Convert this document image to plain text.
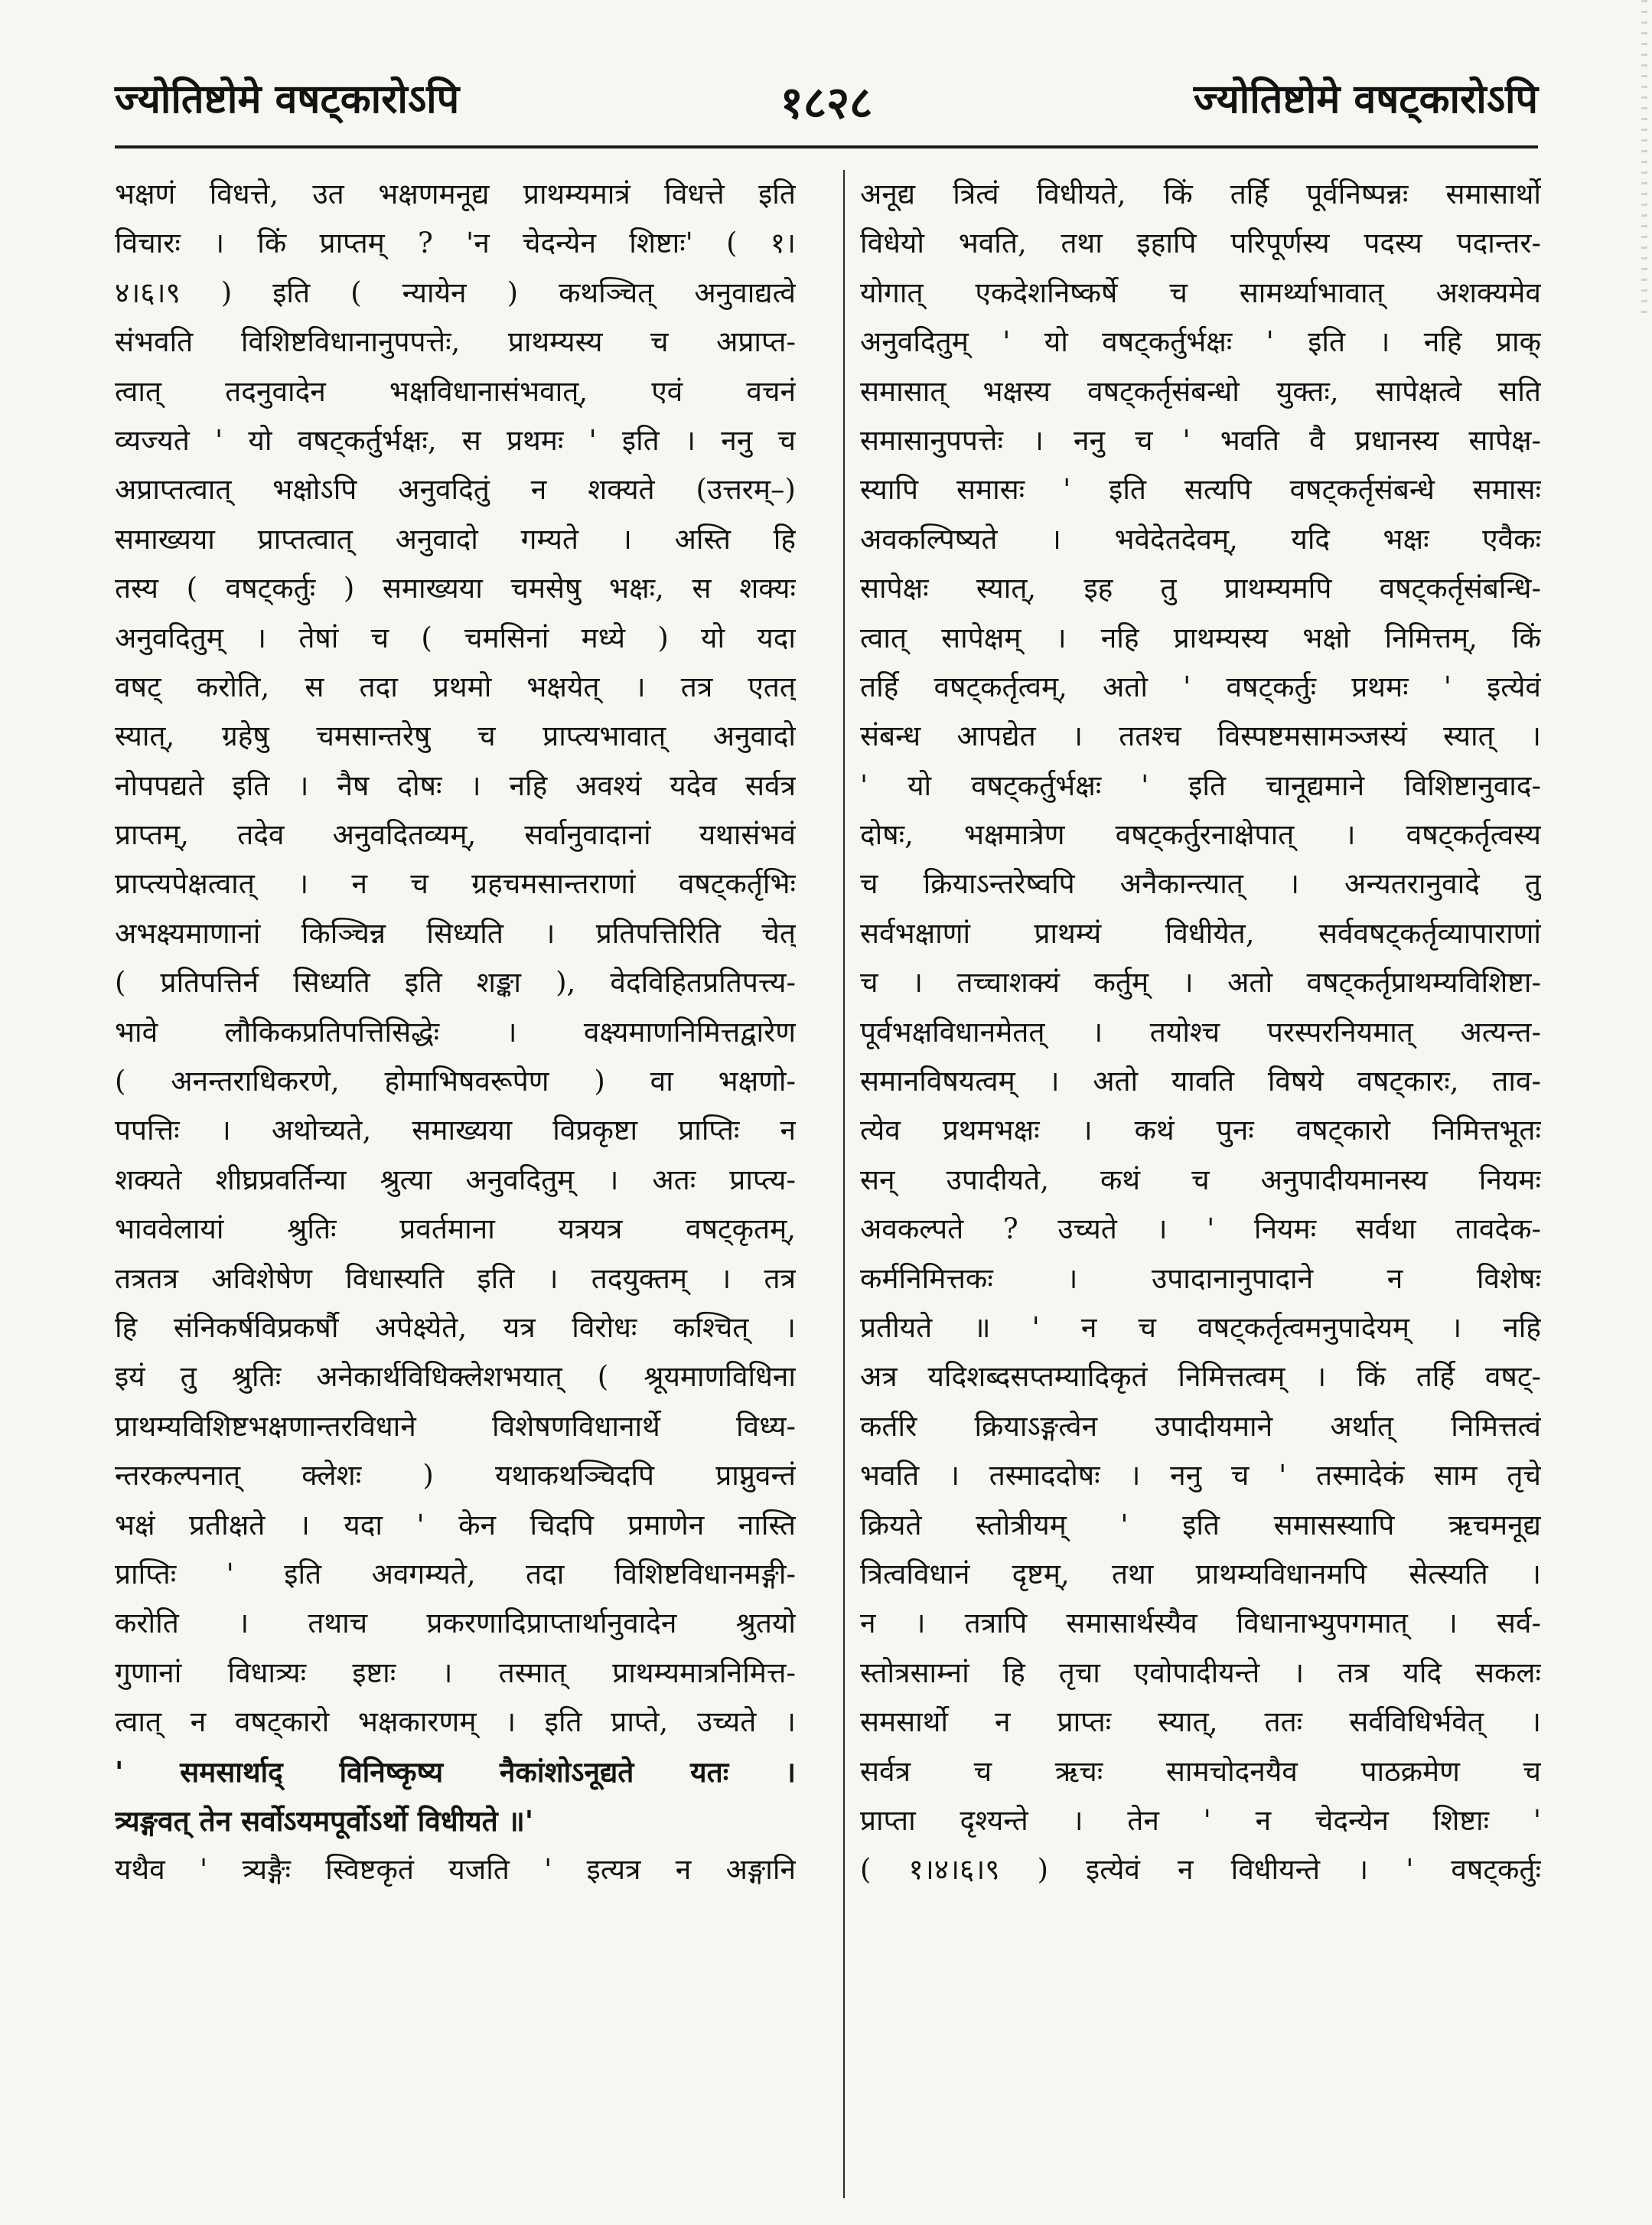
१८२८
ज्योतिष्टोमे वषट्कारोऽपि	ज्योतिष्टोमे वषट्कारोऽपि
भक्षणं विधत्ते, उत भक्षणमनूद्य प्राथम्यमात्रं विधत्ते इति
विचारः । किं प्राप्तम् ? 'न चेदन्येन शिष्टाः' ( १।
४।६।९ ) इति ( न्यायेन ) कथञ्चित् अनुवाद्यत्वे
संभवति विशिष्टविधानानुपपत्तेः, प्राथम्यस्य च अप्राप्त-
त्वात् तदनुवादेन भक्षविधानासंभवात्, एवं वचनं
व्यज्यते ' यो वषट्कर्तुर्भक्षः, स प्रथमः ' इति । ननु च
अप्राप्तत्वात् भक्षोऽपि अनुवदितुं न शक्यते (उत्तरम्–)
समाख्यया प्राप्तत्वात् अनुवादो गम्यते । अस्ति हि
तस्य ( वषट्कर्तुः ) समाख्यया चमसेषु भक्षः, स शक्यः
अनुवदितुम् । तेषां च ( चमसिनां मध्ये ) यो यदा
वषट् करोति, स तदा प्रथमो भक्षयेत् । तत्र एतत्
स्यात्, ग्रहेषु चमसान्तरेषु च प्राप्त्यभावात् अनुवादो
नोपपद्यते इति । नैष दोषः । नहि अवश्यं यदेव सर्वत्र
प्राप्तम्, तदेव अनुवदितव्यम्, सर्वानुवादानां यथासंभवं
प्राप्त्यपेक्षत्वात् । न च ग्रहचमसान्तराणां वषट्कर्तृभिः
अभक्ष्यमाणानां किञ्चिन्न सिध्यति । प्रतिपत्तिरिति चेत्
( प्रतिपत्तिर्न सिध्यति इति शङ्का ), वेदविहितप्रतिपत्त्य-
भावे लौकिकप्रतिपत्तिसिद्धेः । वक्ष्यमाणनिमित्तद्वारेण
( अनन्तराधिकरणे, होमाभिषवरूपेण ) वा भक्षणो-
पपत्तिः । अथोच्यते, समाख्यया विप्रकृष्टा प्राप्तिः न
शक्यते शीघ्रप्रवर्तिन्या श्रुत्या अनुवदितुम् । अतः प्राप्त्य-
भाववेलायां श्रुतिः प्रवर्तमाना यत्रयत्र वषट्कृतम्,
तत्रतत्र अविशेषेण विधास्यति इति । तदयुक्तम् । तत्र
हि संनिकर्षविप्रकर्षौ अपेक्ष्येते, यत्र विरोधः कश्चित् ।
इयं तु श्रुतिः अनेकार्थविधिक्लेशभयात् ( श्रूयमाणविधिना
प्राथम्यविशिष्टभक्षणान्तरविधाने विशेषणविधानार्थे विध्य-
न्तरकल्पनात् क्लेशः ) यथाकथञ्चिदपि प्राप्नुवन्तं
भक्षं प्रतीक्षते । यदा ' केन चिदपि प्रमाणेन नास्ति
प्राप्तिः ' इति अवगम्यते, तदा विशिष्टविधानमङ्गी-
करोति । तथाच प्रकरणादिप्राप्तार्थानुवादेन श्रुतयो
गुणानां विधात्र्यः इष्टाः । तस्मात् प्राथम्यमात्रनिमित्त-
त्वात् न वषट्कारो भक्षकारणम् । इति प्राप्ते, उच्यते ।
' समसार्थाद् विनिष्कृष्य नैकांशोऽनूद्यते यतः ।
त्र्यङ्गवत् तेन सर्वोऽयमपूर्वोऽर्थो विधीयते ॥'
यथैव ' त्र्यङ्गैः स्विष्टकृतं यजति ' इत्यत्र न अङ्गानि
अनूद्य त्रित्वं विधीयते, किं तर्हि पूर्वनिष्पन्नः समासार्थो
विधेयो भवति, तथा इहापि परिपूर्णस्य पदस्य पदान्तर-
योगात् एकदेशनिष्कर्षे च सामर्थ्याभावात् अशक्यमेव
अनुवदितुम् ' यो वषट्कर्तुर्भक्षः ' इति । नहि प्राक्
समासात् भक्षस्य वषट्कर्तृसंबन्धो युक्तः, सापेक्षत्वे सति
समासानुपपत्तेः । ननु च ' भवति वै प्रधानस्य सापेक्ष-
स्यापि समासः ' इति सत्यपि वषट्कर्तृसंबन्धे समासः
अवकल्पिष्यते । भवेदेतदेवम्, यदि भक्षः एवैकः
सापेक्षः स्यात्, इह तु प्राथम्यमपि वषट्कर्तृसंबन्धि-
त्वात् सापेक्षम् । नहि प्राथम्यस्य भक्षो निमित्तम्, किं
तर्हि वषट्कर्तृत्वम्, अतो ' वषट्कर्तुः प्रथमः ' इत्येवं
संबन्ध आपद्येत । ततश्च विस्पष्टमसामञ्जस्यं स्यात् ।
' यो वषट्कर्तुर्भक्षः ' इति चानूद्यमाने विशिष्टानुवाद-
दोषः, भक्षमात्रेण वषट्कर्तुरनाक्षेपात् । वषट्कर्तृत्वस्य
च क्रियाऽन्तरेष्वपि अनैकान्त्यात् । अन्यतरानुवादे तु
सर्वभक्षाणां प्राथम्यं विधीयेत, सर्ववषट्कर्तृव्यापाराणां
च । तच्चाशक्यं कर्तुम् । अतो वषट्कर्तृप्राथम्यविशिष्टा-
पूर्वभक्षविधानमेतत् । तयोश्च परस्परनियमात् अत्यन्त-
समानविषयत्वम् । अतो यावति विषये वषट्कारः, ताव-
त्येव प्रथमभक्षः । कथं पुनः वषट्कारो निमित्तभूतः
सन् उपादीयते, कथं च अनुपादीयमानस्य नियमः
अवकल्पते ? उच्यते । ' नियमः सर्वथा तावदेक-
कर्मनिमित्तकः । उपादानानुपादाने न विशेषः
प्रतीयते ॥ ' न च वषट्कर्तृत्वमनुपादेयम् । नहि
अत्र यदिशब्दसप्तम्यादिकृतं निमित्तत्वम् । किं तर्हि वषट्-
कर्तरि क्रियाऽङ्गत्वेन उपादीयमाने अर्थात् निमित्तत्वं
भवति । तस्माददोषः । ननु च ' तस्मादेकं साम तृचे
क्रियते स्तोत्रीयम् ' इति समासस्यापि ऋचमनूद्य
त्रित्वविधानं दृष्टम्, तथा प्राथम्यविधानमपि सेत्स्यति ।
न । तत्रापि समासार्थस्यैव विधानाभ्युपगमात् । सर्व-
स्तोत्रसाम्नां हि तृचा एवोपादीयन्ते । तत्र यदि सकलः
समसार्थो न प्राप्तः स्यात्, ततः सर्वविधिर्भवेत् ।
सर्वत्र च ऋचः सामचोदनयैव पाठक्रमेण च
प्राप्ता दृश्यन्ते । तेन ' न चेदन्येन शिष्टाः '
( १।४।६।९ ) इत्येवं न विधीयन्ते । ' वषट्कर्तुः
